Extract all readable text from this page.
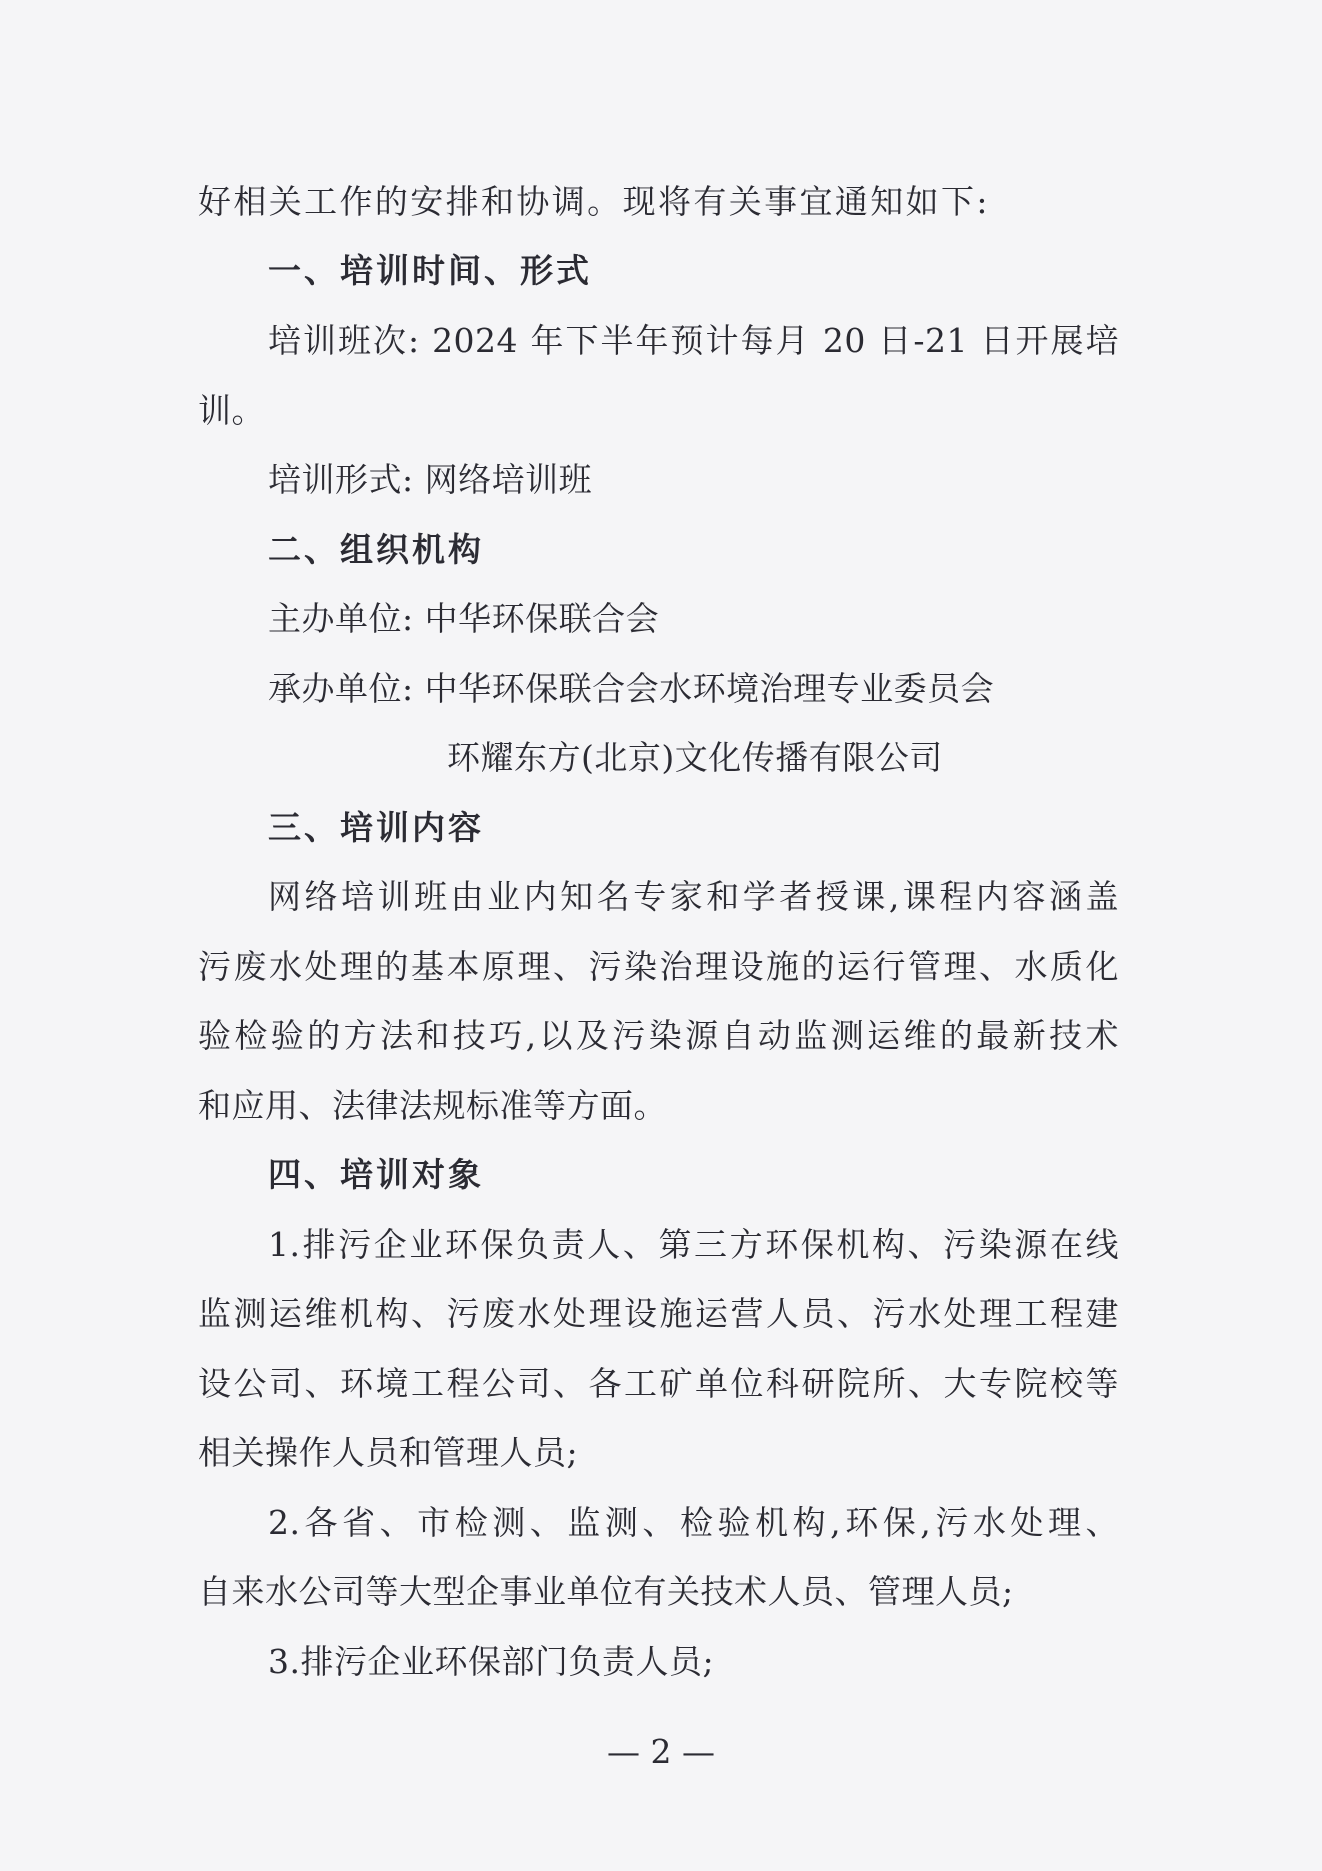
好相关工作的安排和协调。现将有关事宜通知如下:
一、培训时间、形式
培训班次: 2024 年下半年预计每月 20 日-21 日开展培
训。
培训形式: 网络培训班
二、组织机构
主办单位: 中华环保联合会
承办单位: 中华环保联合会水环境治理专业委员会
环耀东方(北京)文化传播有限公司
三、培训内容
网络培训班由业内知名专家和学者授课,课程内容涵盖
污废水处理的基本原理、污染治理设施的运行管理、水质化
验检验的方法和技巧,以及污染源自动监测运维的最新技术
和应用、法律法规标准等方面。
四、培训对象
1.排污企业环保负责人、第三方环保机构、污染源在线
监测运维机构、污废水处理设施运营人员、污水处理工程建
设公司、环境工程公司、各工矿单位科研院所、大专院校等
相关操作人员和管理人员;
2.各省、市检测、监测、检验机构,环保,污水处理、
自来水公司等大型企事业单位有关技术人员、管理人员;
3.排污企业环保部门负责人员;
— 2 —
